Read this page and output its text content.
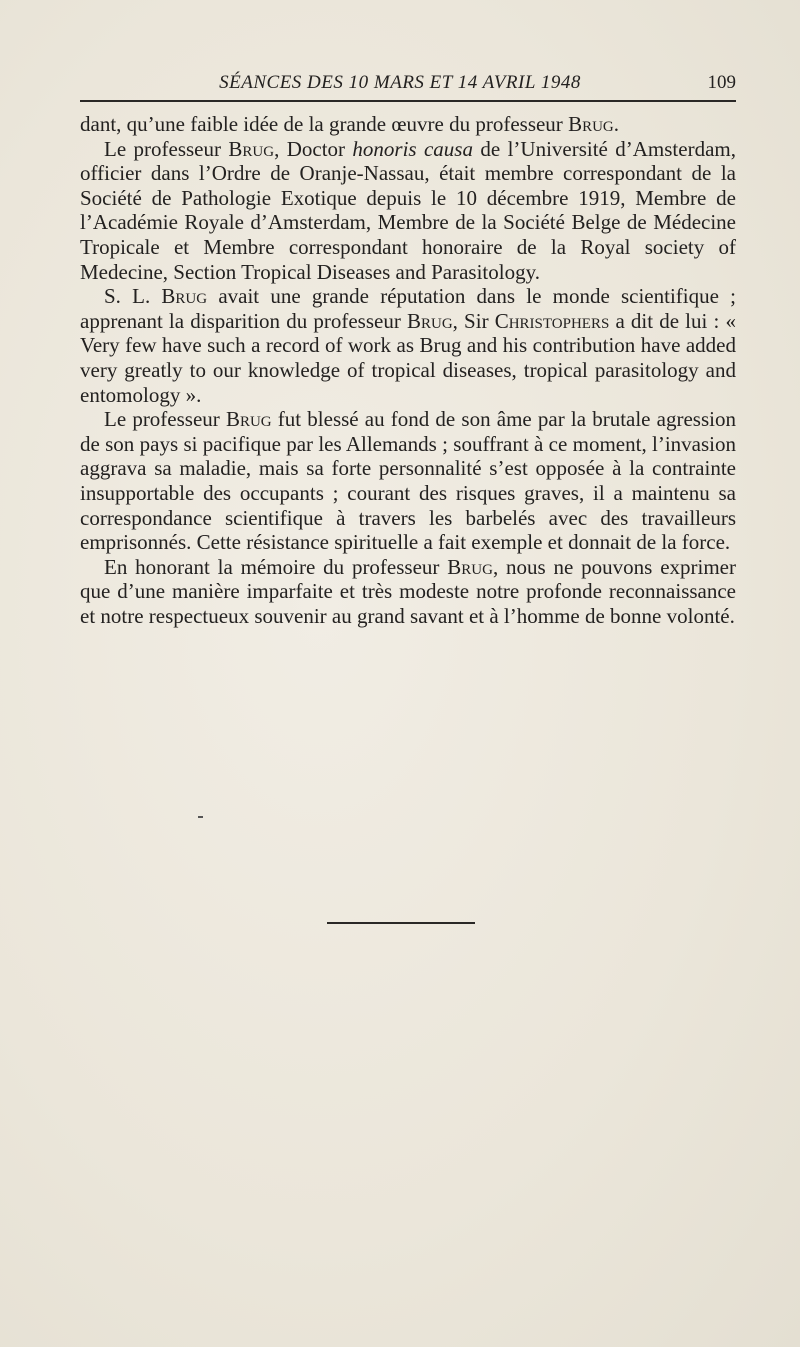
SÉANCES DES 10 MARS ET 14 AVRIL 1948	109

dant, qu’une faible idée de la grande œuvre du professeur Brug.

Le professeur Brug, Doctor honoris causa de l’Université d’Amsterdam, officier dans l’Ordre de Oranje-Nassau, était membre correspondant de la Société de Pathologie Exotique depuis le 10 décembre 1919, Membre de l’Académie Royale d’Amsterdam, Membre de la Société Belge de Médecine Tropicale et Membre correspondant honoraire de la Royal society of Medecine, Section Tropical Diseases and Parasitology.

S. L. Brug avait une grande réputation dans le monde scientifique ; apprenant la disparition du professeur Brug, Sir Christophers a dit de lui : « Very few have such a record of work as Brug and his contribution have added very greatly to our knowledge of tropical diseases, tropical parasitology and entomology ».

Le professeur Brug fut blessé au fond de son âme par la brutale agression de son pays si pacifique par les Allemands ; souffrant à ce moment, l’invasion aggrava sa maladie, mais sa forte personnalité s’est opposée à la contrainte insupportable des occupants ; courant des risques graves, il a maintenu sa correspondance scientifique à travers les barbelés avec des travailleurs emprisonnés. Cette résistance spirituelle a fait exemple et donnait de la force.

En honorant la mémoire du professeur Brug, nous ne pouvons exprimer que d’une manière imparfaite et très modeste notre profonde reconnaissance et notre respectueux souvenir au grand savant et à l’homme de bonne volonté.
